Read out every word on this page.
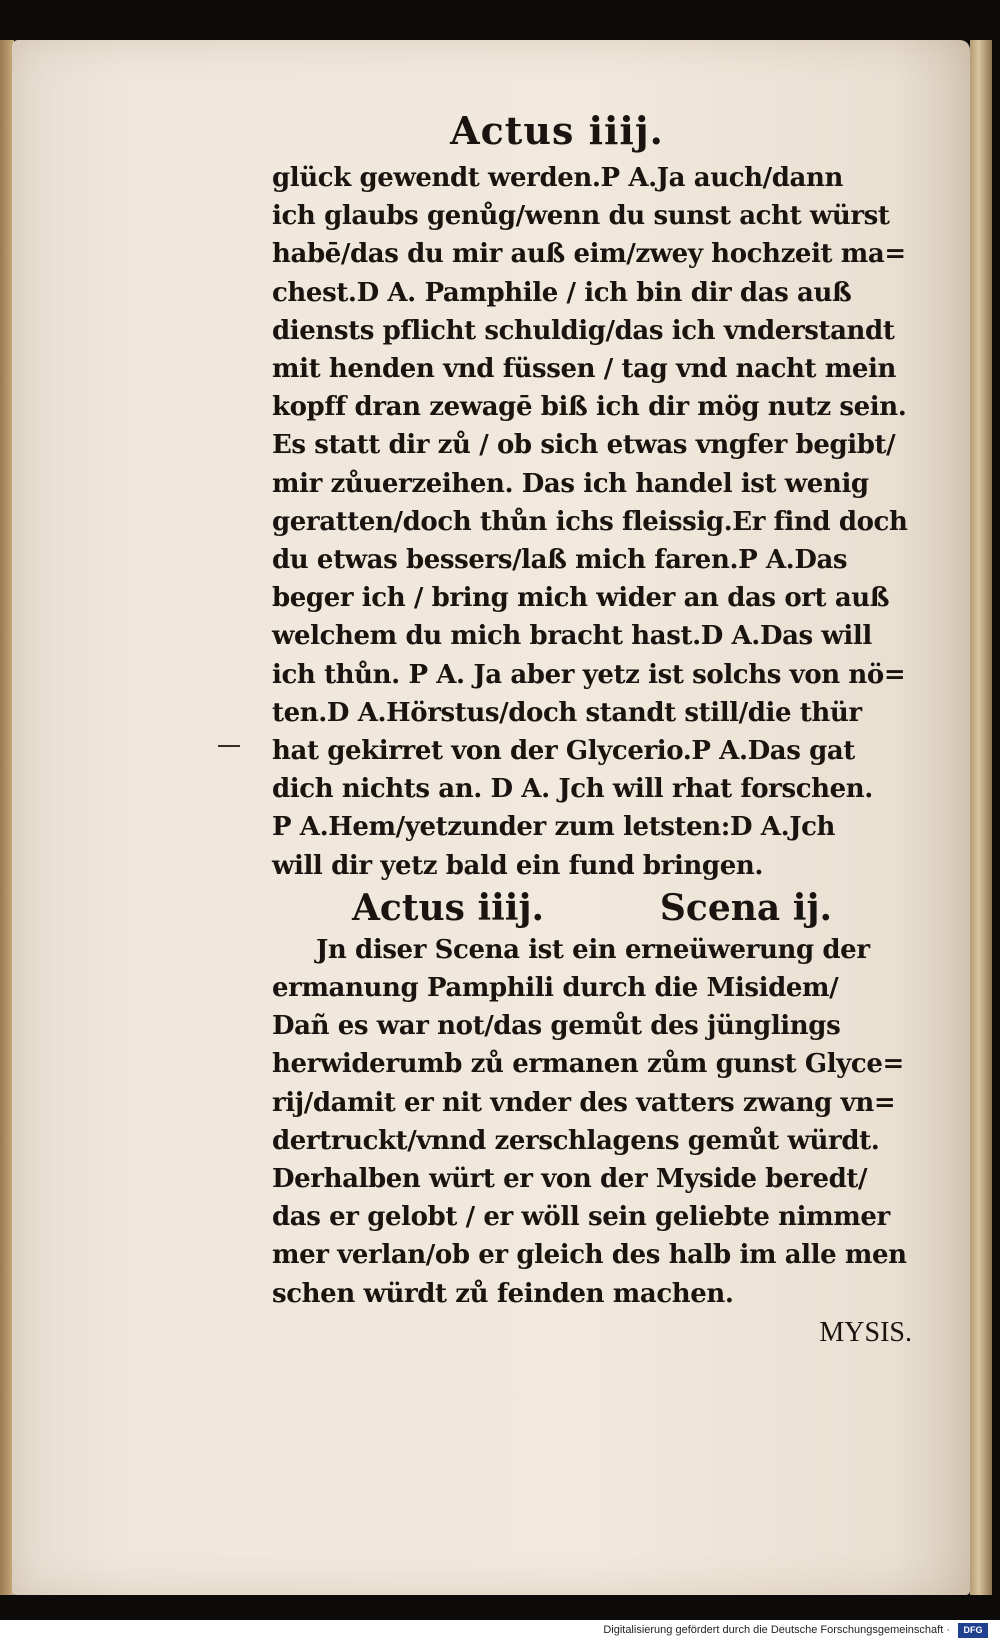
Actus iiij.
glück gewendt werden.P A.Ja auch/dann
ich glaubs genůg/wenn du sunst acht würst
habē/das du mir auß eim/zwey hochzeit ma=
chest.D A. Pamphile / ich bin dir das auß
diensts pflicht schuldig/das ich vnderstandt
mit henden vnd füssen / tag vnd nacht mein
kopff dran zewagē biß ich dir mög nutz sein.
Es statt dir zů / ob sich etwas vngfer begibt/
mir zůuerzeihen. Das ich handel ist wenig
geratten/doch thůn ichs fleissig.Er find doch
du etwas bessers/laß mich faren.P A.Das
beger ich / bring mich wider an das ort auß
welchem du mich bracht hast.D A.Das will
ich thůn. P A. Ja aber yetz ist solchs von nö=
ten.D A.Hörstus/doch standt still/die thür
hat gekirret von der Glycerio.P A.Das gat
dich nichts an. D A. Jch will rhat forschen.
P A.Hem/yetzunder zum letsten:D A.Jch
will dir yetz bald ein fund bringen.
Actus iiij.	Scena ij.
Jn diser Scena ist ein erneüwerung der
ermanung Pamphili durch die Misidem/
Dañ es war not/das gemůt des jünglings
herwiderumb zů ermanen zům gunst Glyce=
rij/damit er nit vnder des vatters zwang vn=
dertruckt/vnnd zerschlagens gemůt würdt.
Derhalben würt er von der Myside beredt/
das er gelobt / er wöll sein geliebte nimmer
mer verlan/ob er gleich des halb im alle men
schen würdt zů feinden machen.
MYSIS.
Digitalisierung gefördert durch die Deutsche Forschungsgemeinschaft ·	DFG
